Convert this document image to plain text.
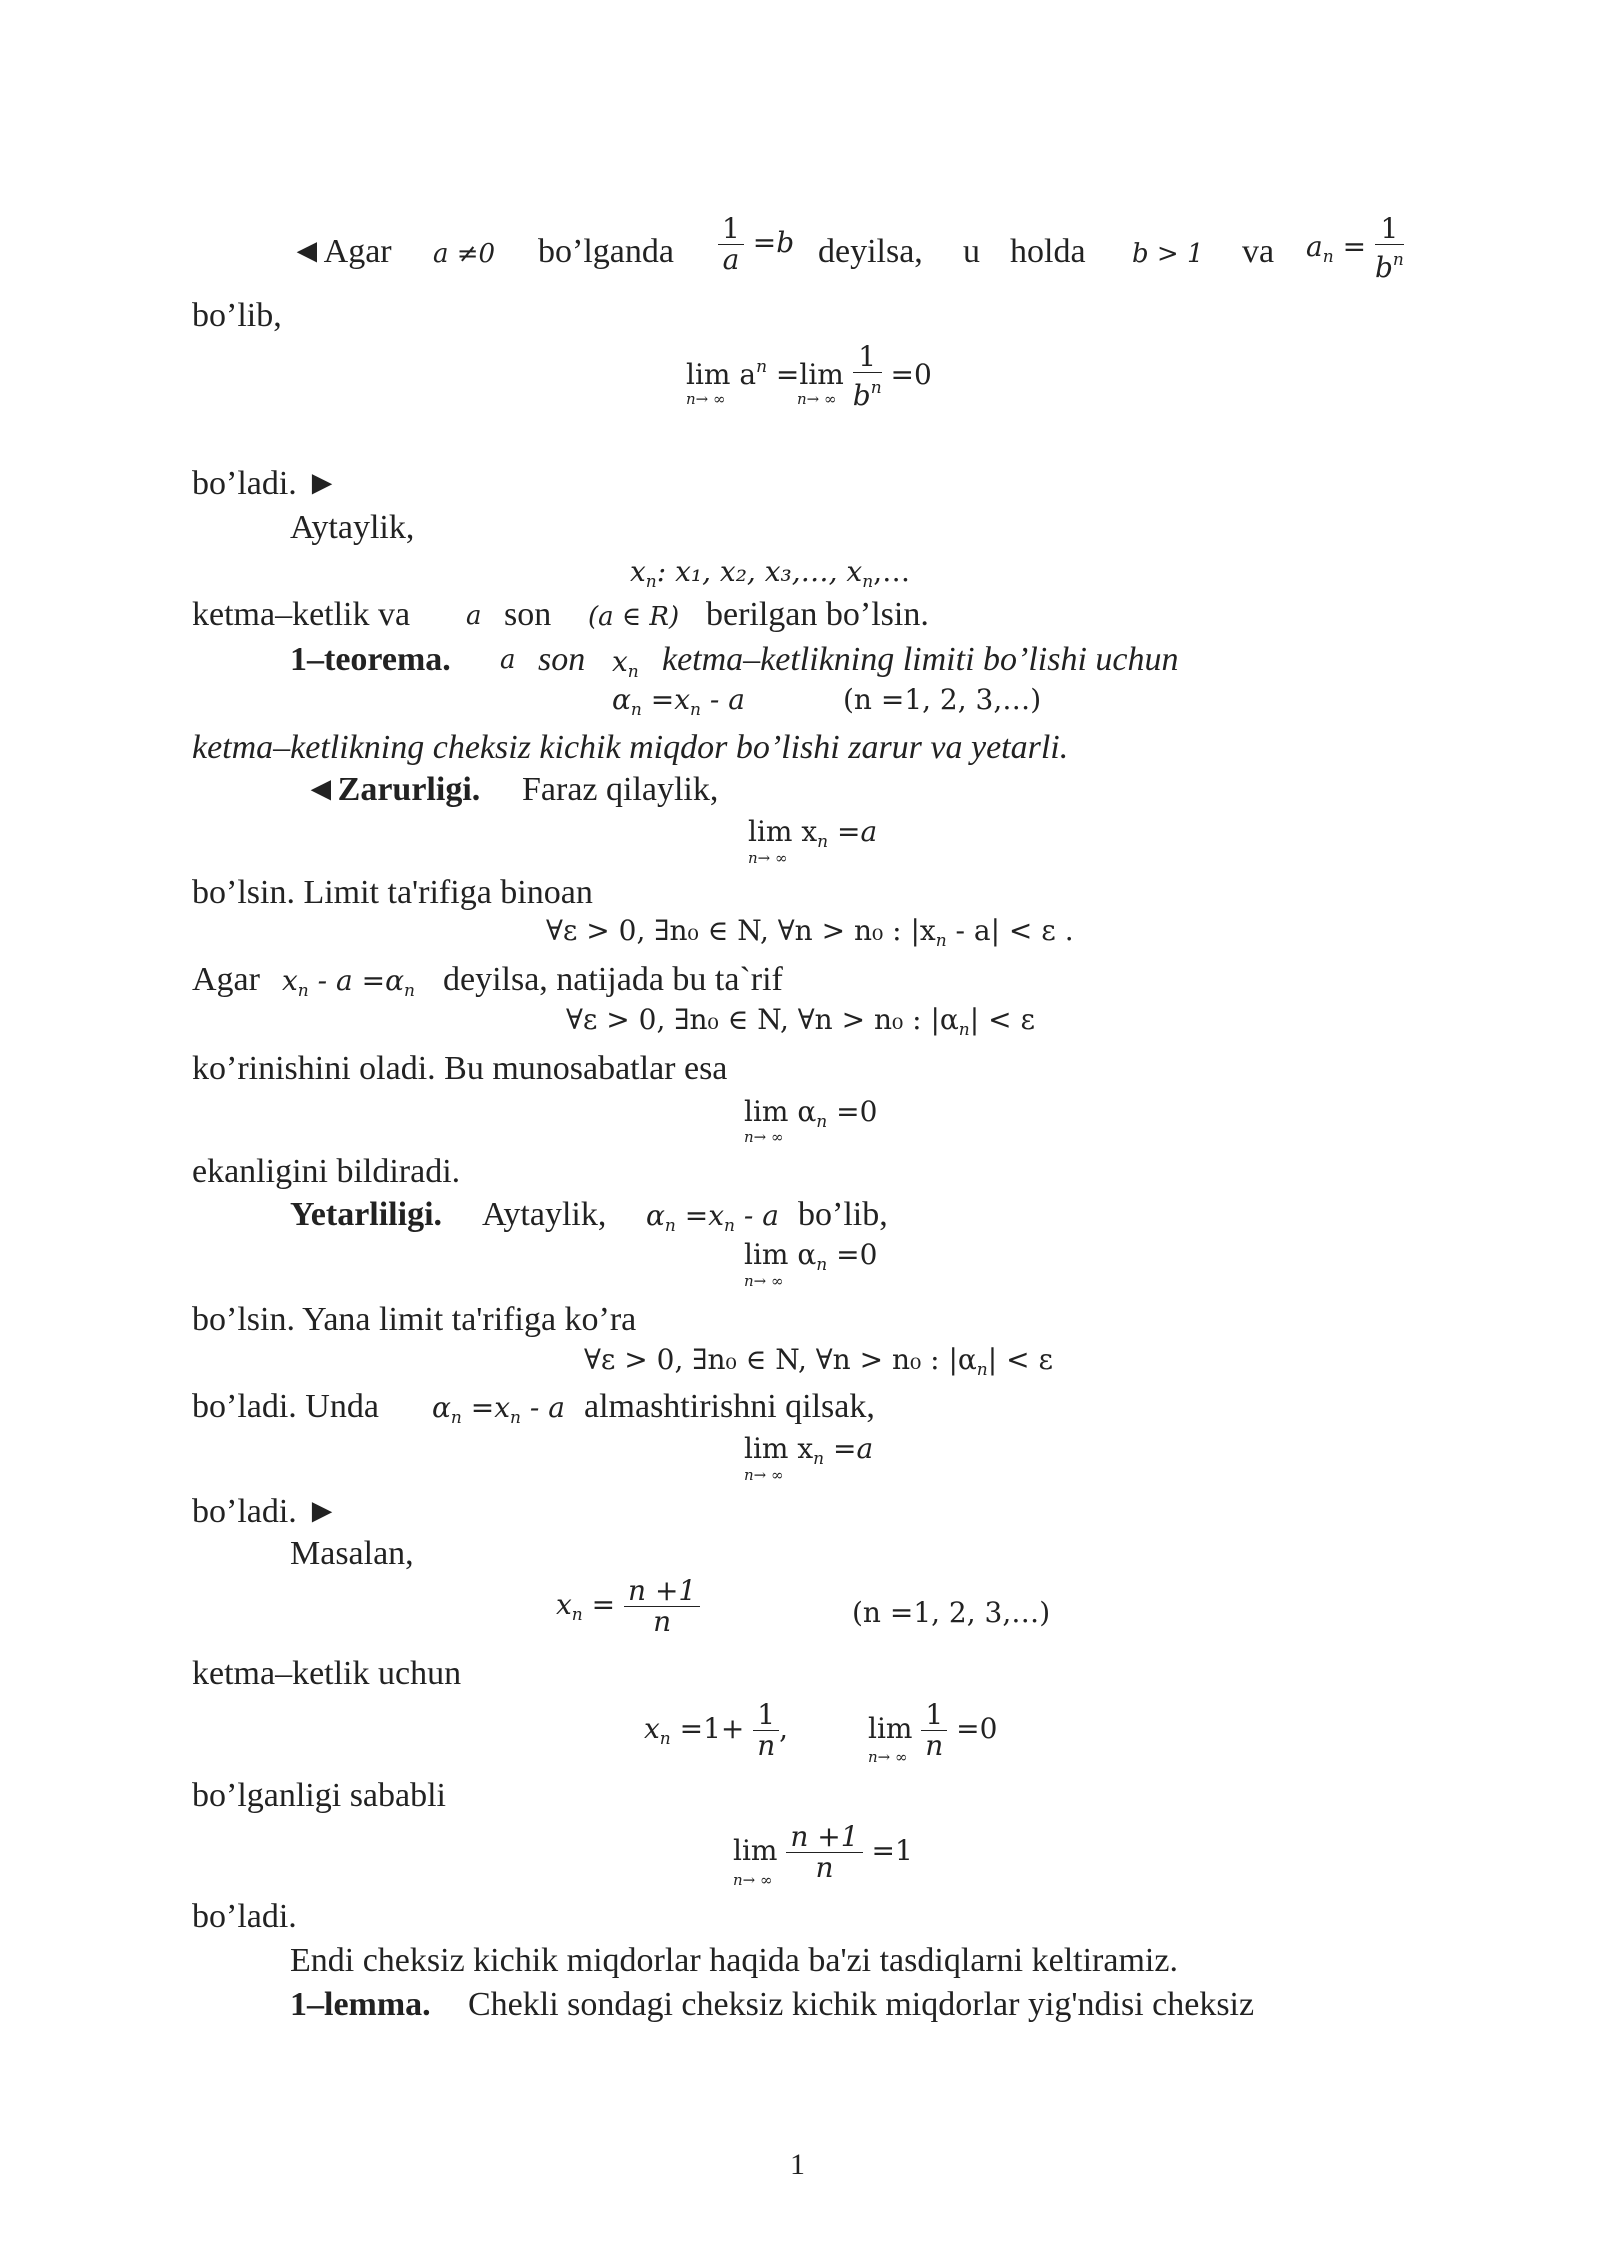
◄Agar a ≠0 bo’lganda $\frac{1}{a} =b$ deyilsa, u holda b > 1 va $a_n = \frac{1}{b^n}$
bo’lib,
$\lim a^n =\lim \frac{1}{b^n} =0$
n→ ∞	n→ ∞
bo’ladi. ►
Aytaylik,
$x_n$: x₁, x₂, x₃,…, $x_n,\dots$
ketma–ketlik va a son (a ∈ R) berilgan bo’lsin.
1–teorema. a son $x_n$ ketma–ketlikning limiti bo’lishi uchun
$\alpha_n =x_n - a$	(n =1, 2, 3,…)
ketma–ketlikning cheksiz kichik miqdor bo’lishi zarur va yetarli.
◄Zarurligi. Faraz qilaylik,
$\lim x_n =a$
n→ ∞
bo’lsin. Limit ta'rifiga binoan
∀ε > 0, ∃n₀ ∈ N, ∀n > n₀ : $|x_n - a| < \varepsilon$ .
Agar $x_n - a =\alpha_n$ deyilsa, natijada bu ta`rif
∀ε > 0, ∃n₀ ∈ N, ∀n > n₀ : $|\alpha_n| < \varepsilon$
ko’rinishini oladi. Bu munosabatlar esa
$\lim \alpha_n =0$
n→ ∞
ekanligini bildiradi.
Yetarliligi. Aytaylik, $\alpha_n =x_n - a$ bo’lib,
$\lim \alpha_n =0$
n→ ∞
bo’lsin. Yana limit ta'rifiga ko’ra
∀ε > 0, ∃n₀ ∈ N, ∀n > n₀ : $|\alpha_n| < \varepsilon$
bo’ladi. Unda $\alpha_n =x_n - a$ almashtirishni qilsak,
$\lim x_n =a$
n→ ∞
bo’ladi. ►
Masalan,
$x_n = \frac{n +1}{n}$	(n =1, 2, 3,…)
ketma–ketlik uchun
$x_n =1+ \frac{1}{n}$ ,	$\lim \frac{1}{n} =0$
n→ ∞
bo’lganligi sababli
$\lim \frac{n +1}{n} =1$
n→ ∞
bo’ladi.
Endi cheksiz kichik miqdorlar haqida ba'zi tasdiqlarni keltiramiz.
1–lemma. Chekli sondagi cheksiz kichik miqdorlar yig'ndisi cheksiz
1
